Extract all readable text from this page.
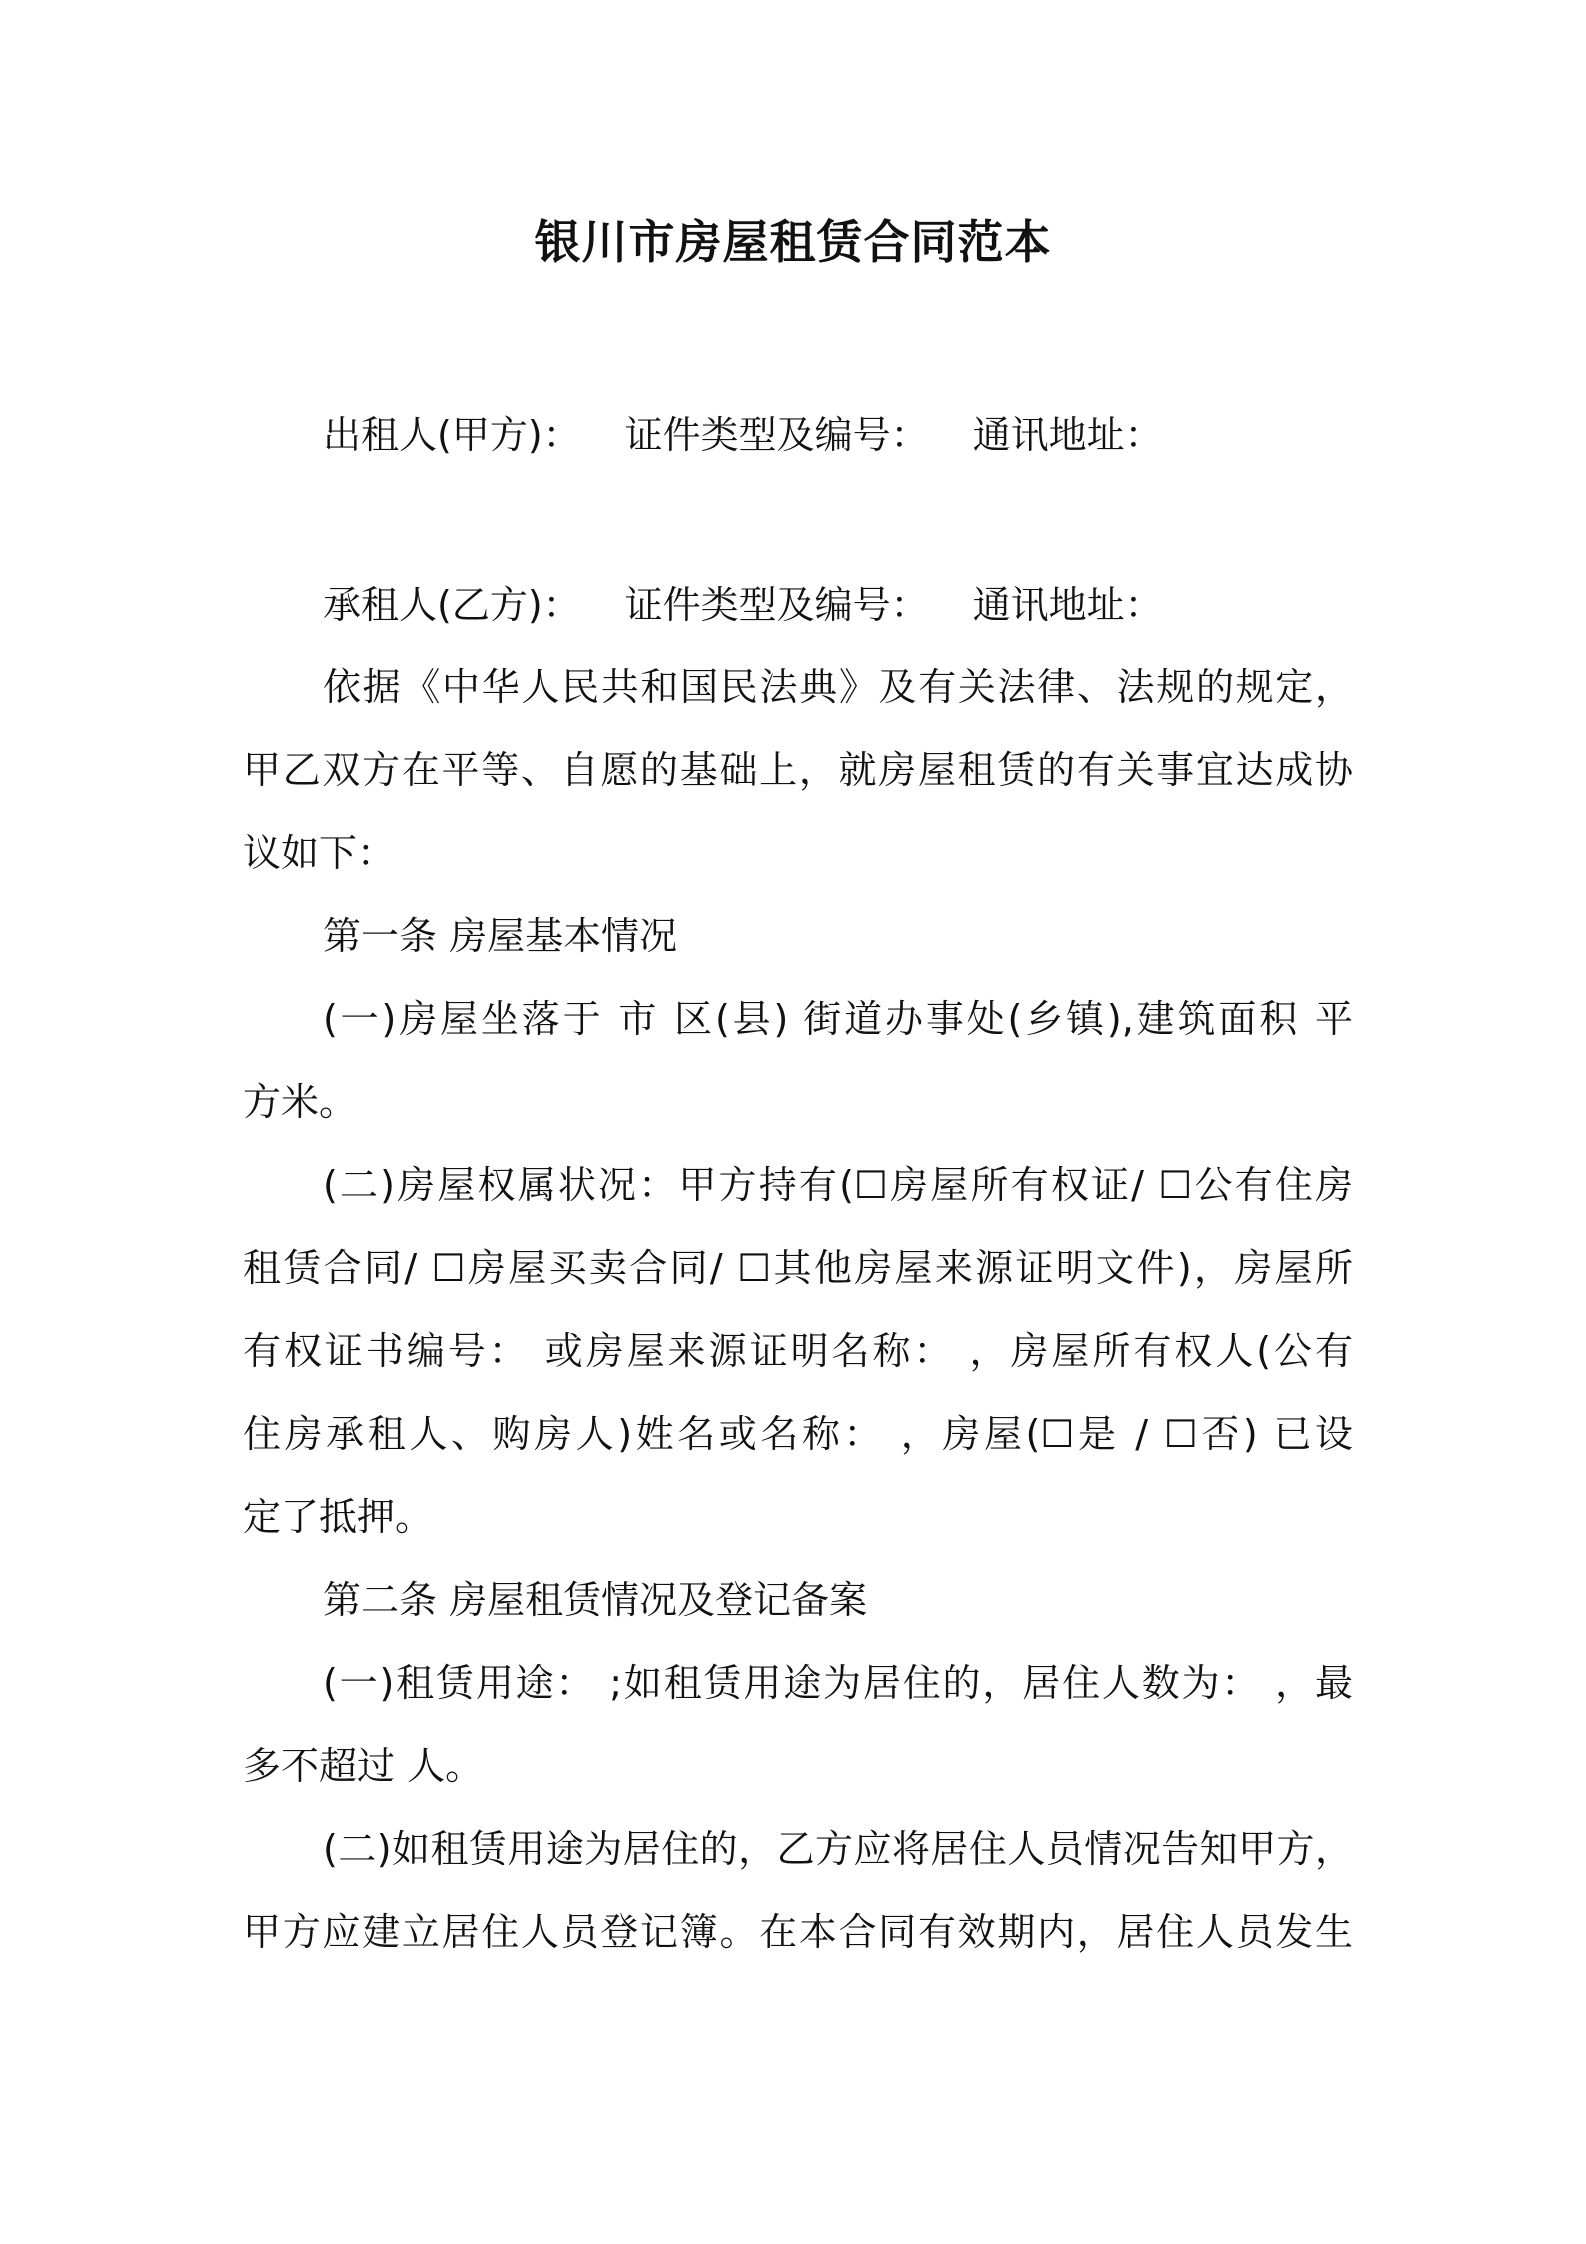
银川市房屋租赁合同范本
出租人(甲方)： 证件类型及编号： 通讯地址：
承租人(乙方)： 证件类型及编号： 通讯地址：

依据《中华人民共和国民法典》及有关法律、法规的规定，

甲乙双方在平等、自愿的基础上，就房屋租赁的有关事宜达成协

议如下：

第一条 房屋基本情况

(一)房屋坐落于 市 区(县) 街道办事处(乡镇),建筑面积 平

方米。

(二)房屋权属状况：甲方持有(☐房屋所有权证/ ☐公有住房

租赁合同/ ☐房屋买卖合同/ ☐其他房屋来源证明文件)，房屋所

有权证书编号： 或房屋来源证明名称： ，房屋所有权人(公有

住房承租人、购房人)姓名或名称： ，房屋(☐是 / ☐否) 已设

定了抵押。

第二条 房屋租赁情况及登记备案

(一)租赁用途： ;如租赁用途为居住的，居住人数为： ，最

多不超过 人。

(二)如租赁用途为居住的，乙方应将居住人员情况告知甲方，

甲方应建立居住人员登记簿。在本合同有效期内，居住人员发生
